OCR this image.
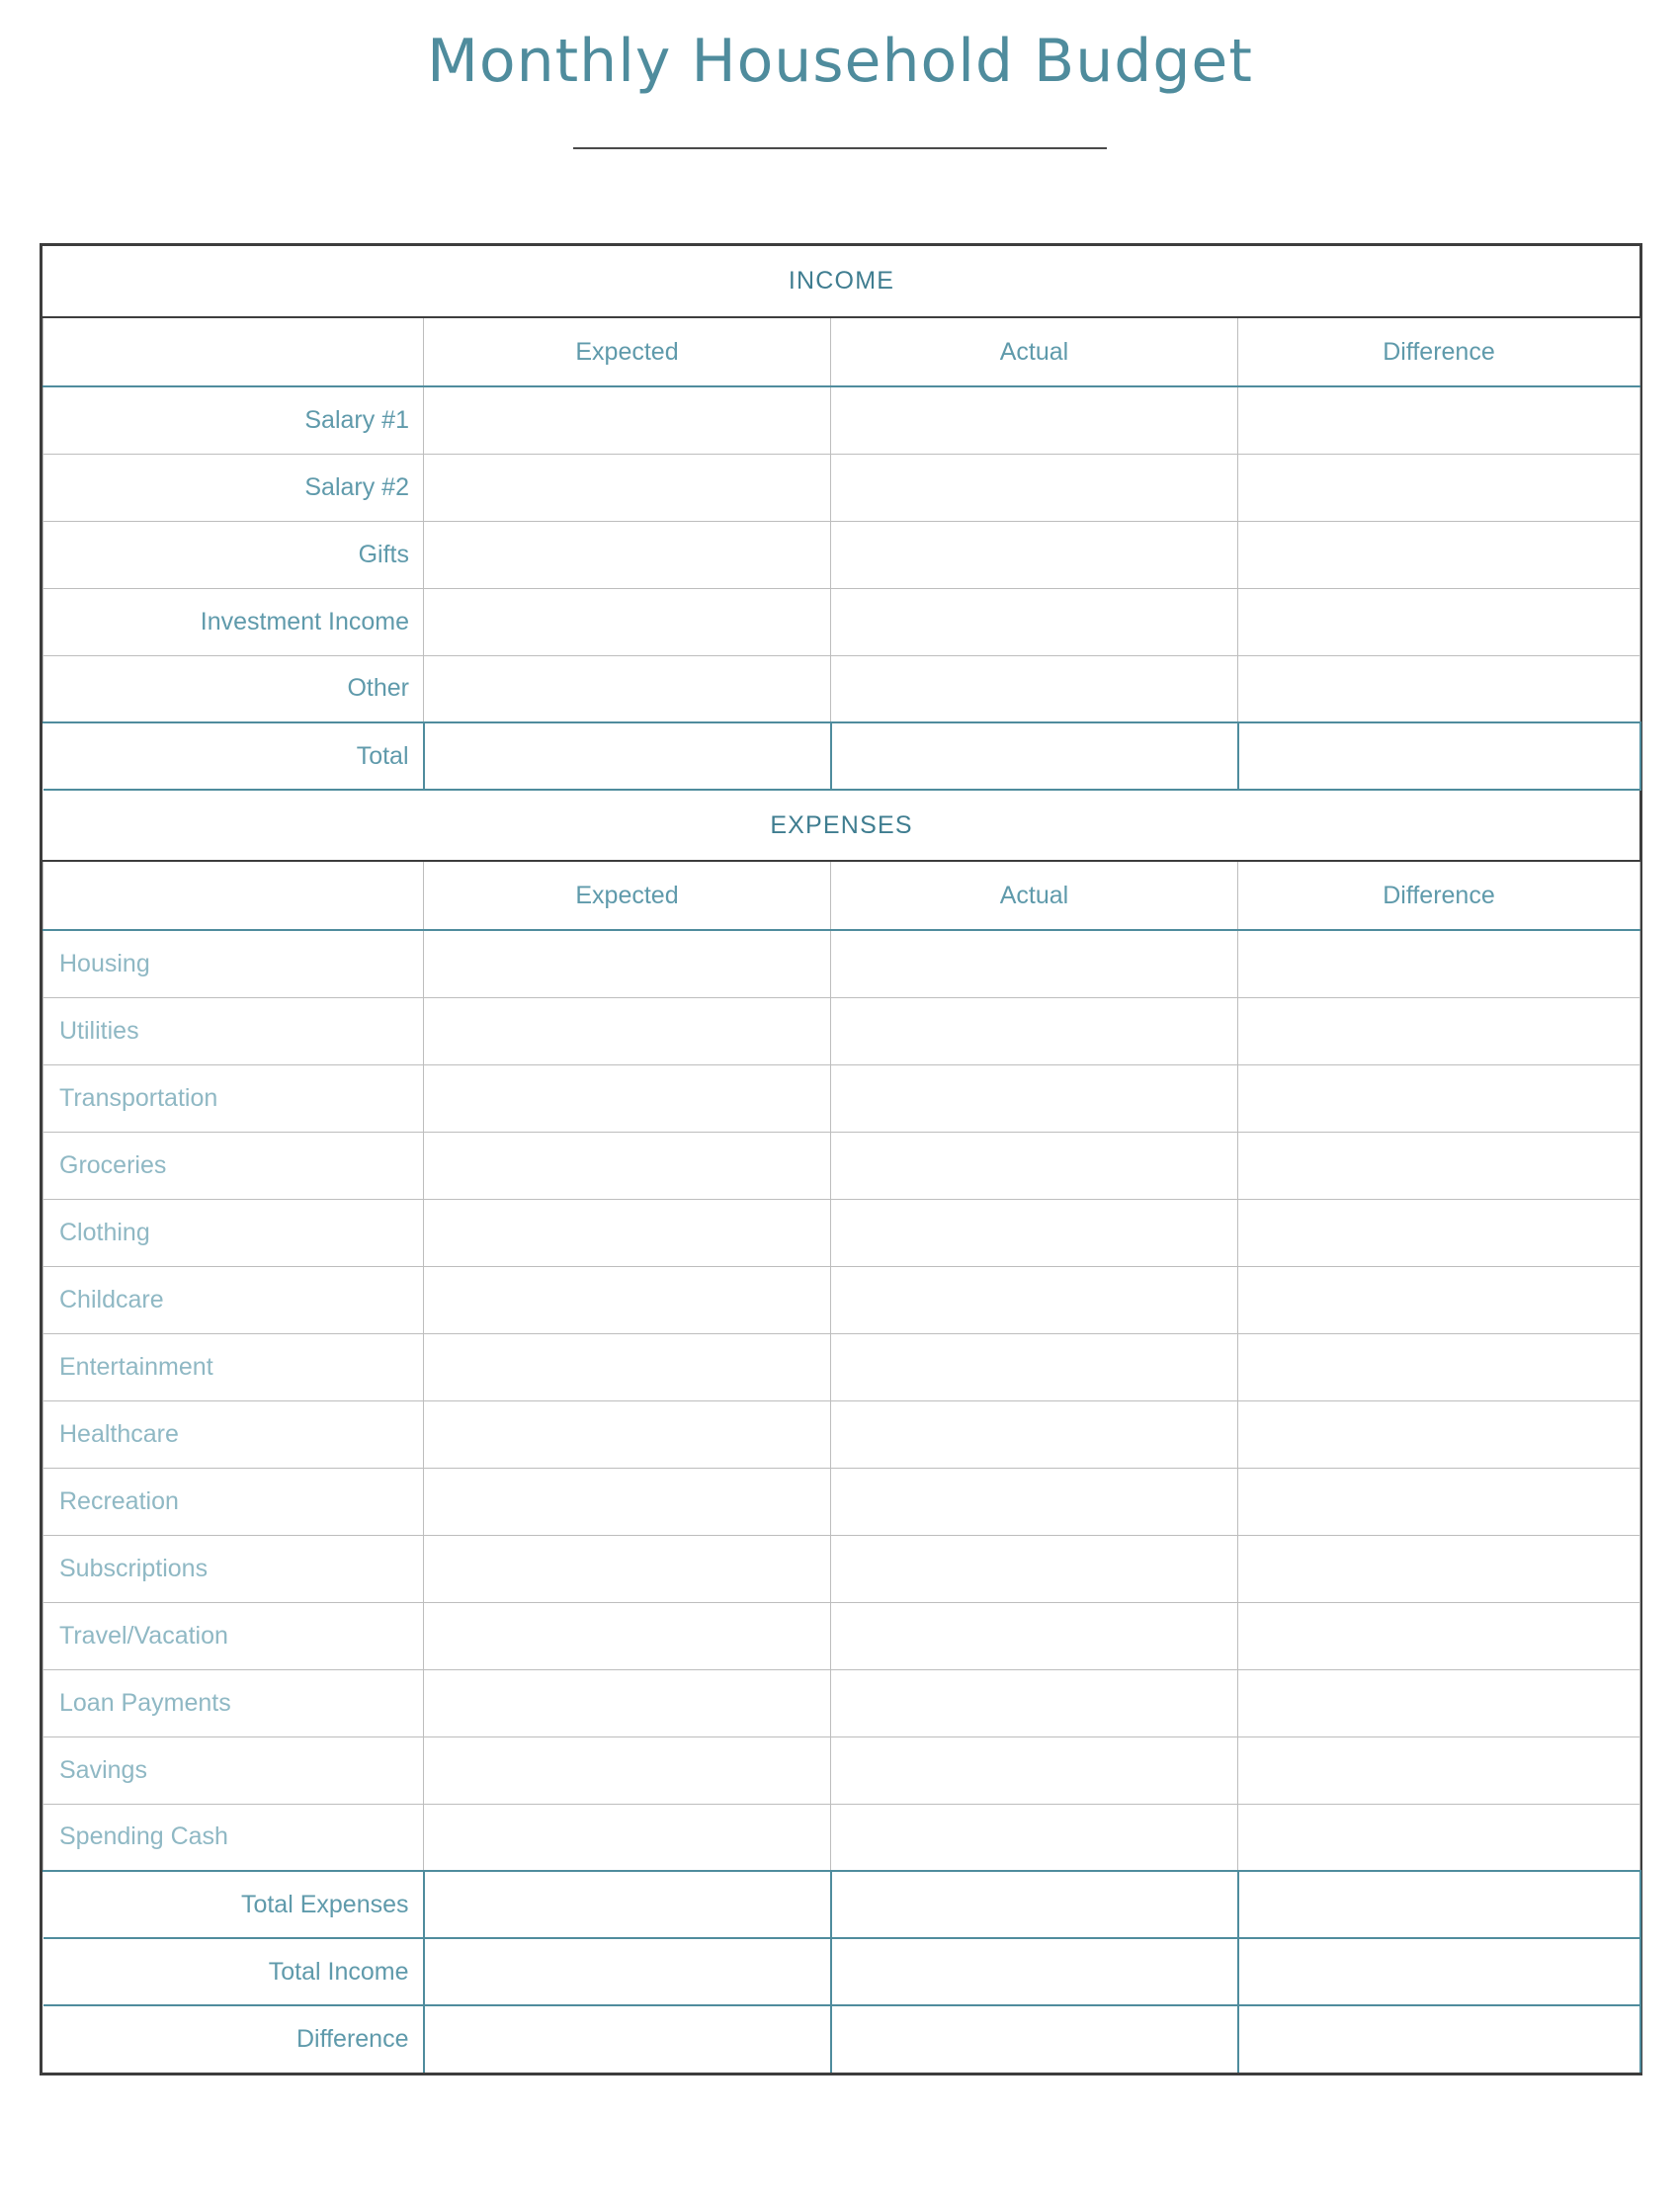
Monthly Household Budget
INCOME			
	Expected	Actual	Difference
Salary #1			
Salary #2			
Gifts			
Investment Income			
Other			
Total			
EXPENSES			
	Expected	Actual	Difference
Housing			
Utilities			
Transportation			
Groceries			
Clothing			
Childcare			
Entertainment			
Healthcare			
Recreation			
Subscriptions			
Travel/Vacation			
Loan Payments			
Savings			
Spending Cash			
Total Expenses			
Total Income			
Difference			
